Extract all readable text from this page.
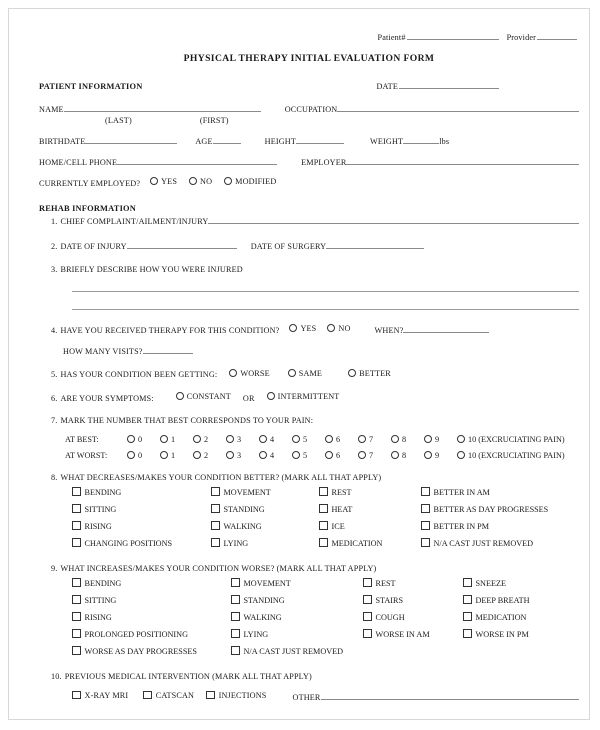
Patient#	Provider
PHYSICAL THERAPY INITIAL EVALUATION FORM
PATIENT INFORMATION	DATE
NAME	OCCUPATION
(LAST)	(FIRST)
BIRTHDATE	AGE	HEIGHT	WEIGHT	lbs
HOME/CELL PHONE	EMPLOYER
CURRENTLY EMPLOYED?	YES	NO	MODIFIED
REHAB INFORMATION
1. CHIEF COMPLAINT/AILMENT/INJURY
2. DATE OF INJURY	DATE OF SURGERY
3. BRIEFLY DESCRIBE HOW YOU WERE INJURED
4. HAVE YOU RECEIVED THERAPY FOR THIS CONDITION?	YES	NO	WHEN?
HOW MANY VISITS?
5. HAS YOUR CONDITION BEEN GETTING:	WORSE	SAME	BETTER
6. ARE YOUR SYMPTOMS:	CONSTANT OR	INTERMITTENT
7. MARK THE NUMBER THAT BEST CORRESPONDS TO YOUR PAIN:
AT BEST:	0	1	2	3	4	5	6	7	8	9	10 (EXCRUCIATING PAIN)
AT WORST:	0	1	2	3	4	5	6	7	8	9	10 (EXCRUCIATING PAIN)
8. WHAT DECREASES/MAKES YOUR CONDITION BETTER? (MARK ALL THAT APPLY)
BENDING	MOVEMENT	REST	BETTER IN AM
SITTING	STANDING	HEAT	BETTER AS DAY PROGRESSES
RISING	WALKING	ICE	BETTER IN PM
CHANGING POSITIONS	LYING	MEDICATION	N/A CAST JUST REMOVED
9. WHAT INCREASES/MAKES YOUR CONDITION WORSE? (MARK ALL THAT APPLY)
BENDING	MOVEMENT	REST	SNEEZE
SITTING	STANDING	STAIRS	DEEP BREATH
RISING	WALKING	COUGH	MEDICATION
PROLONGED POSITIONING	LYING	WORSE IN AM	WORSE IN PM
WORSE AS DAY PROGRESSES	N/A CAST JUST REMOVED
10. PREVIOUS MEDICAL INTERVENTION (MARK ALL THAT APPLY)
X-RAY MRI	CATSCAN	INJECTIONS	OTHER
